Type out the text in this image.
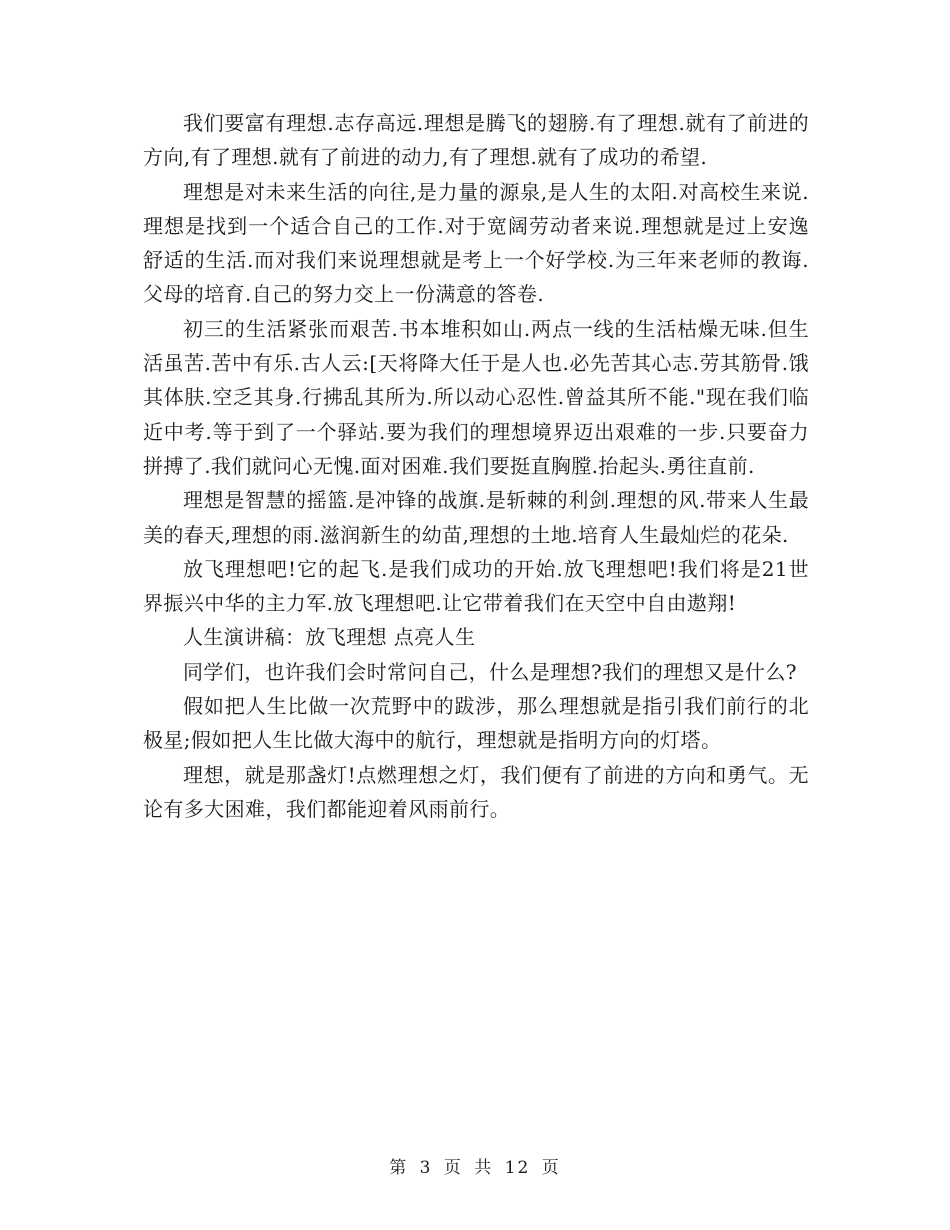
我们要富有理想.志存高远.理想是腾飞的翅膀.有了理想.就有了前进的方向,有了理想.就有了前进的动力,有了理想.就有了成功的希望.

理想是对未来生活的向往,是力量的源泉,是人生的太阳.对高校生来说.理想是找到一个适合自己的工作.对于宽阔劳动者来说.理想就是过上安逸舒适的生活.而对我们来说理想就是考上一个好学校.为三年来老师的教诲.父母的培育.自己的努力交上一份满意的答卷.

初三的生活紧张而艰苦.书本堆积如山.两点一线的生活枯燥无味.但生活虽苦.苦中有乐.古人云:[天将降大任于是人也.必先苦其心志.劳其筋骨.饿其体肤.空乏其身.行拂乱其所为.所以动心忍性.曾益其所不能."现在我们临近中考.等于到了一个驿站.要为我们的理想境界迈出艰难的一步.只要奋力拼搏了.我们就问心无愧.面对困难.我们要挺直胸膛.抬起头.勇往直前.

理想是智慧的摇篮.是冲锋的战旗.是斩棘的利剑.理想的风.带来人生最美的春天,理想的雨.滋润新生的幼苗,理想的土地.培育人生最灿烂的花朵.

放飞理想吧!它的起飞.是我们成功的开始.放飞理想吧!我们将是21世界振兴中华的主力军.放飞理想吧.让它带着我们在天空中自由遨翔!

人生演讲稿：放飞理想 点亮人生

同学们，也许我们会时常问自己，什么是理想?我们的理想又是什么?

假如把人生比做一次荒野中的跋涉，那么理想就是指引我们前行的北极星;假如把人生比做大海中的航行，理想就是指明方向的灯塔。

理想，就是那盏灯!点燃理想之灯，我们便有了前进的方向和勇气。无论有多大困难，我们都能迎着风雨前行。

第 3 页 共 12 页
